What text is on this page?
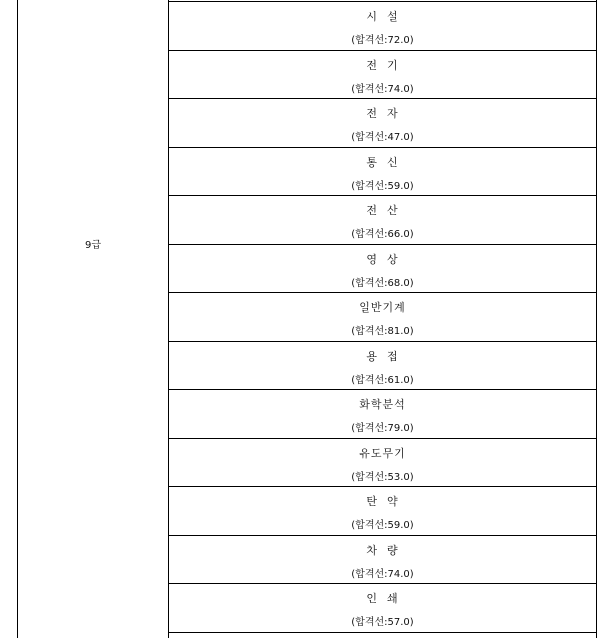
9급
시  설
(합격선:72.0)
전  기
(합격선:74.0)
전  자
(합격선:47.0)
통  신
(합격선:59.0)
전  산
(합격선:66.0)
영  상
(합격선:68.0)
일반기계
(합격선:81.0)
용  접
(합격선:61.0)
화학분석
(합격선:79.0)
유도무기
(합격선:53.0)
탄  약
(합격선:59.0)
차  량
(합격선:74.0)
인  쇄
(합격선:57.0)
